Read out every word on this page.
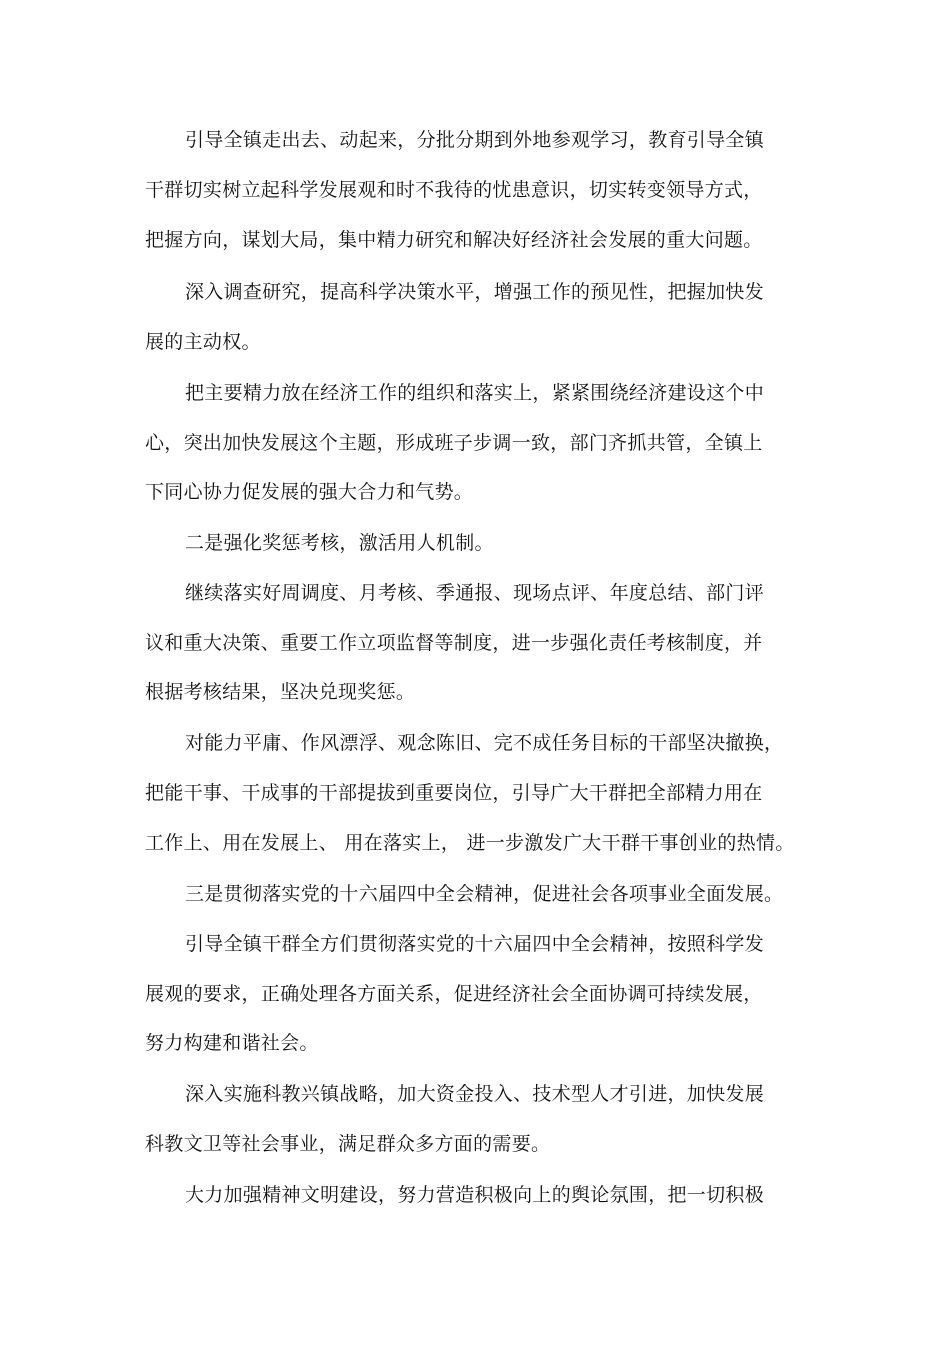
引导全镇走出去、动起来，分批分期到外地参观学习，教育引导全镇
干群切实树立起科学发展观和时不我待的忧患意识，切实转变领导方式，
把握方向，谋划大局，集中精力研究和解决好经济社会发展的重大问题。
深入调查研究，提高科学决策水平，增强工作的预见性，把握加快发
展的主动权。
把主要精力放在经济工作的组织和落实上，紧紧围绕经济建设这个中
心，突出加快发展这个主题，形成班子步调一致，部门齐抓共管，全镇上
下同心协力促发展的强大合力和气势。
二是强化奖惩考核，激活用人机制。
继续落实好周调度、月考核、季通报、现场点评、年度总结、部门评
议和重大决策、重要工作立项监督等制度，进一步强化责任考核制度，并
根据考核结果，坚决兑现奖惩。
对能力平庸、作风漂浮、观念陈旧、完不成任务目标的干部坚决撤换，
把能干事、干成事的干部提拔到重要岗位，引导广大干群把全部精力用在
工作上、用在发展上、 用在落实上， 进一步激发广大干群干事创业的热情。
三是贯彻落实党的十六届四中全会精神，促进社会各项事业全面发展。
引导全镇干群全方们贯彻落实党的十六届四中全会精神，按照科学发
展观的要求，正确处理各方面关系，促进经济社会全面协调可持续发展，
努力构建和谐社会。
深入实施科教兴镇战略，加大资金投入、技术型人才引进，加快发展
科教文卫等社会事业，满足群众多方面的需要。
大力加强精神文明建设，努力营造积极向上的舆论氛围，把一切积极
